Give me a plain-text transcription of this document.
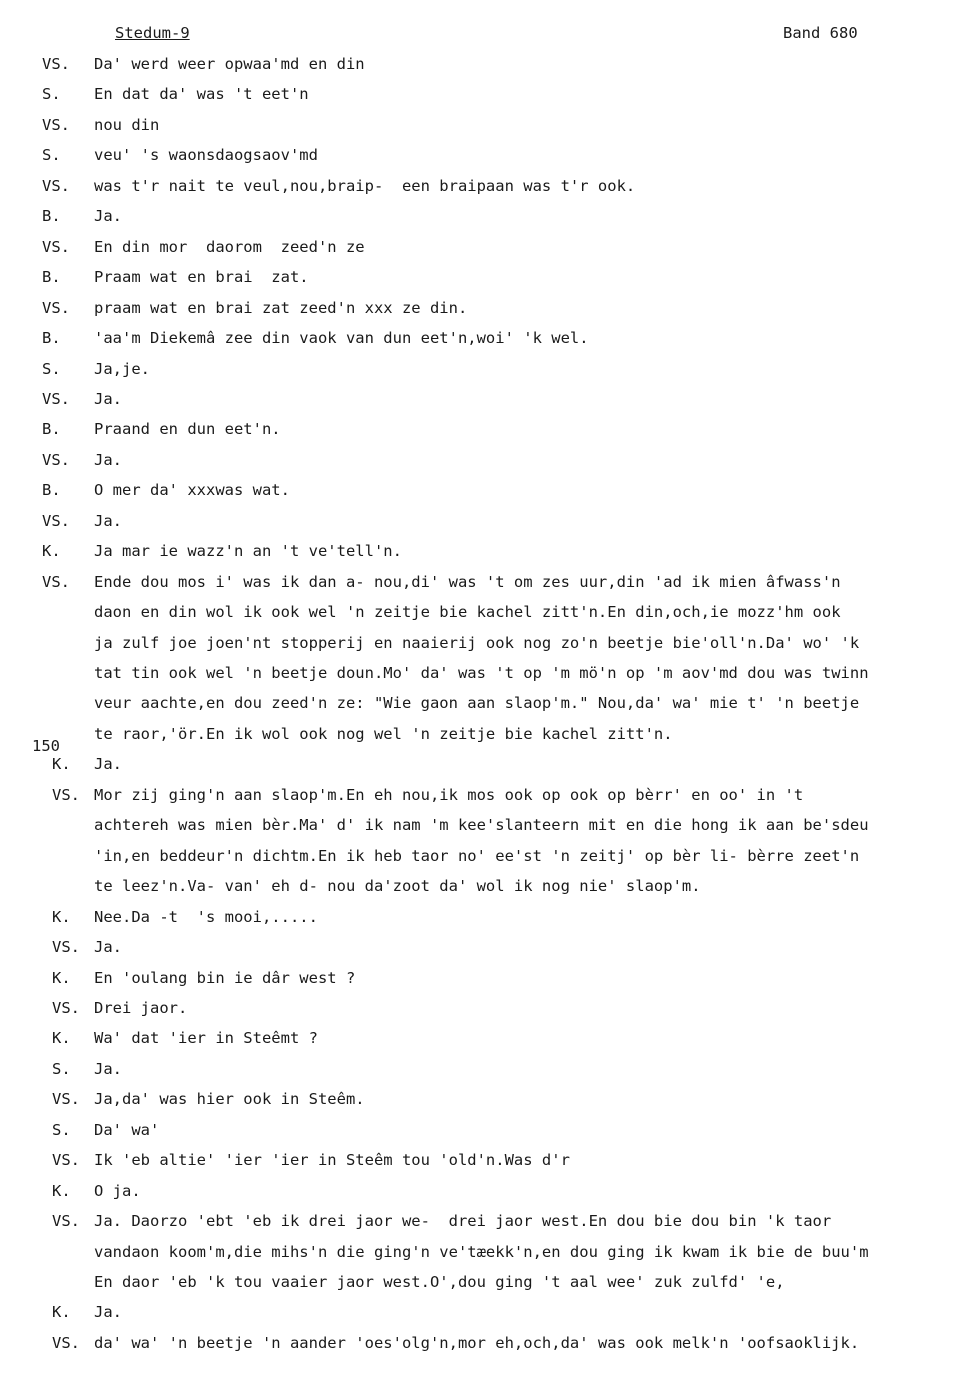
Stedum-9	Band 680
150
VS. Da' werd weer opwaa'md en din
S. En dat da' was 't eet'n
VS. nou din
S. veu' 's waonsdaogsaov'md
VS. was t'r nait te veul,nou,braip-  een braipaan was t'r ook.
B. Ja.
VS. En din mor  daorom  zeed'n ze
B. Praam wat en brai  zat.
VS. praam wat en brai zat zeed'n xxx ze din.
B. 'aa'm Diekemâ zee din vaok van dun eet'n,woi' 'k wel.
S. Ja,je.
VS. Ja.
B. Praand en dun eet'n.
VS. Ja.
B. O mer da' xxxwas wat.
VS. Ja.
K. Ja mar ie wazz'n an 't ve'tell'n.
VS. Ende dou mos i' was ik dan a- nou,di' was 't om zes uur,din 'ad ik mien âfwass'n
daon en din wol ik ook wel 'n zeitje bie kachel zitt'n.En din,och,ie mozz'hm ook
ja zulf joe joen'nt stopperij en naaierij ook nog zo'n beetje bie'oll'n.Da' wo' 'k
tat tin ook wel 'n beetje doun.Mo' da' was 't op 'm mö'n op 'm aov'md dou was twinn
veur aachte,en dou zeed'n ze: "Wie gaon aan slaop'm." Nou,da' wa' mie t' 'n beetje
te raor,'ör.En ik wol ook nog wel 'n zeitje bie kachel zitt'n.
K. Ja.
VS. Mor zij ging'n aan slaop'm.En eh nou,ik mos ook op ook op bèrr' en oo' in 't
achtereh was mien bèr.Ma' d' ik nam 'm kee'slanteern mit en die hong ik aan be'sdeu
'in,en beddeur'n dichtm.En ik heb taor no' ee'st 'n zeitj' op bèr li- bèrre zeet'n
te leez'n.Va- van' eh d- nou da'zoot da' wol ik nog nie' slaop'm.
K. Nee.Da -t  's mooi,.....
VS. Ja.
K. En 'oulang bin ie dâr west ?
VS. Drei jaor.
K. Wa' dat 'ier in Steêmt ?
S. Ja.
VS. Ja,da' was hier ook in Steêm.
S. Da' wa'
VS. Ik 'eb altie' 'ier 'ier in Steêm tou 'old'n.Was d'r
K. O ja.
VS. Ja. Daorzo 'ebt 'eb ik drei jaor we-  drei jaor west.En dou bie dou bin 'k taor
vandaon koom'm,die mihs'n die ging'n ve'tæekk'n,en dou ging ik kwam ik bie de buu'm
En daor 'eb 'k tou vaaier jaor west.O',dou ging 't aal wee' zuk zulfd' 'e,
K. Ja.
VS. da' wa' 'n beetje 'n aander 'oes'olg'n,mor eh,och,da' was ook melk'n 'oofsaoklijk.
